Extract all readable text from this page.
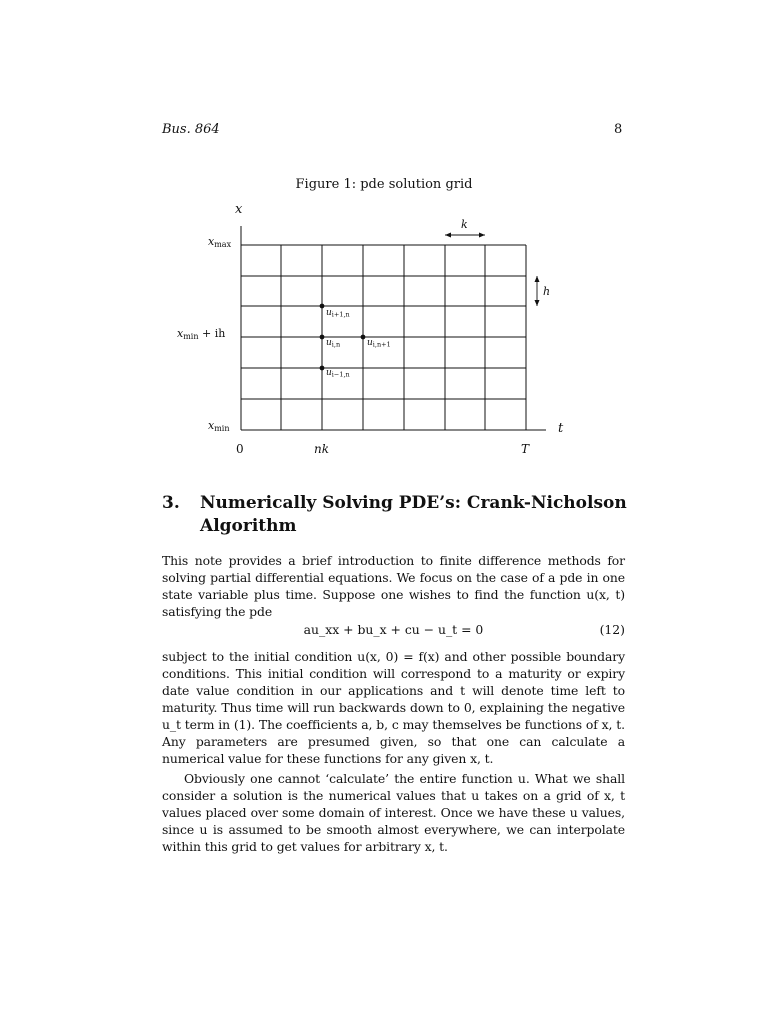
Bus. 864	8
Figure 1: pde solution grid
x
t
xmax
xmin
xmin + ih
0	nk	T
k
h
ui+1,n
ui,n	ui,n+1
ui−1,n
3. Numerically Solving PDE’s: Crank-Nicholson Algorithm
This note provides a brief introduction to finite difference methods for solving partial differential equations. We focus on the case of a pde in one state variable plus time. Suppose one wishes to find the function u(x, t) satisfying the pde
au_xx + bu_x + cu − u_t = 0	(12)
subject to the initial condition u(x, 0) = f(x) and other possible boundary conditions. This initial condition will correspond to a maturity or expiry date value condition in our applications and t will denote time left to maturity. Thus time will run backwards down to 0, explaining the negative u_t term in (1). The coefficients a, b, c may themselves be functions of x, t. Any parameters are presumed given, so that one can calculate a numerical value for these functions for any given x, t.
Obviously one cannot ‘calculate’ the entire function u. What we shall consider a solution is the numerical values that u takes on a grid of x, t values placed over some domain of interest. Once we have these u values, since u is assumed to be smooth almost everywhere, we can interpolate within this grid to get values for arbitrary x, t.
